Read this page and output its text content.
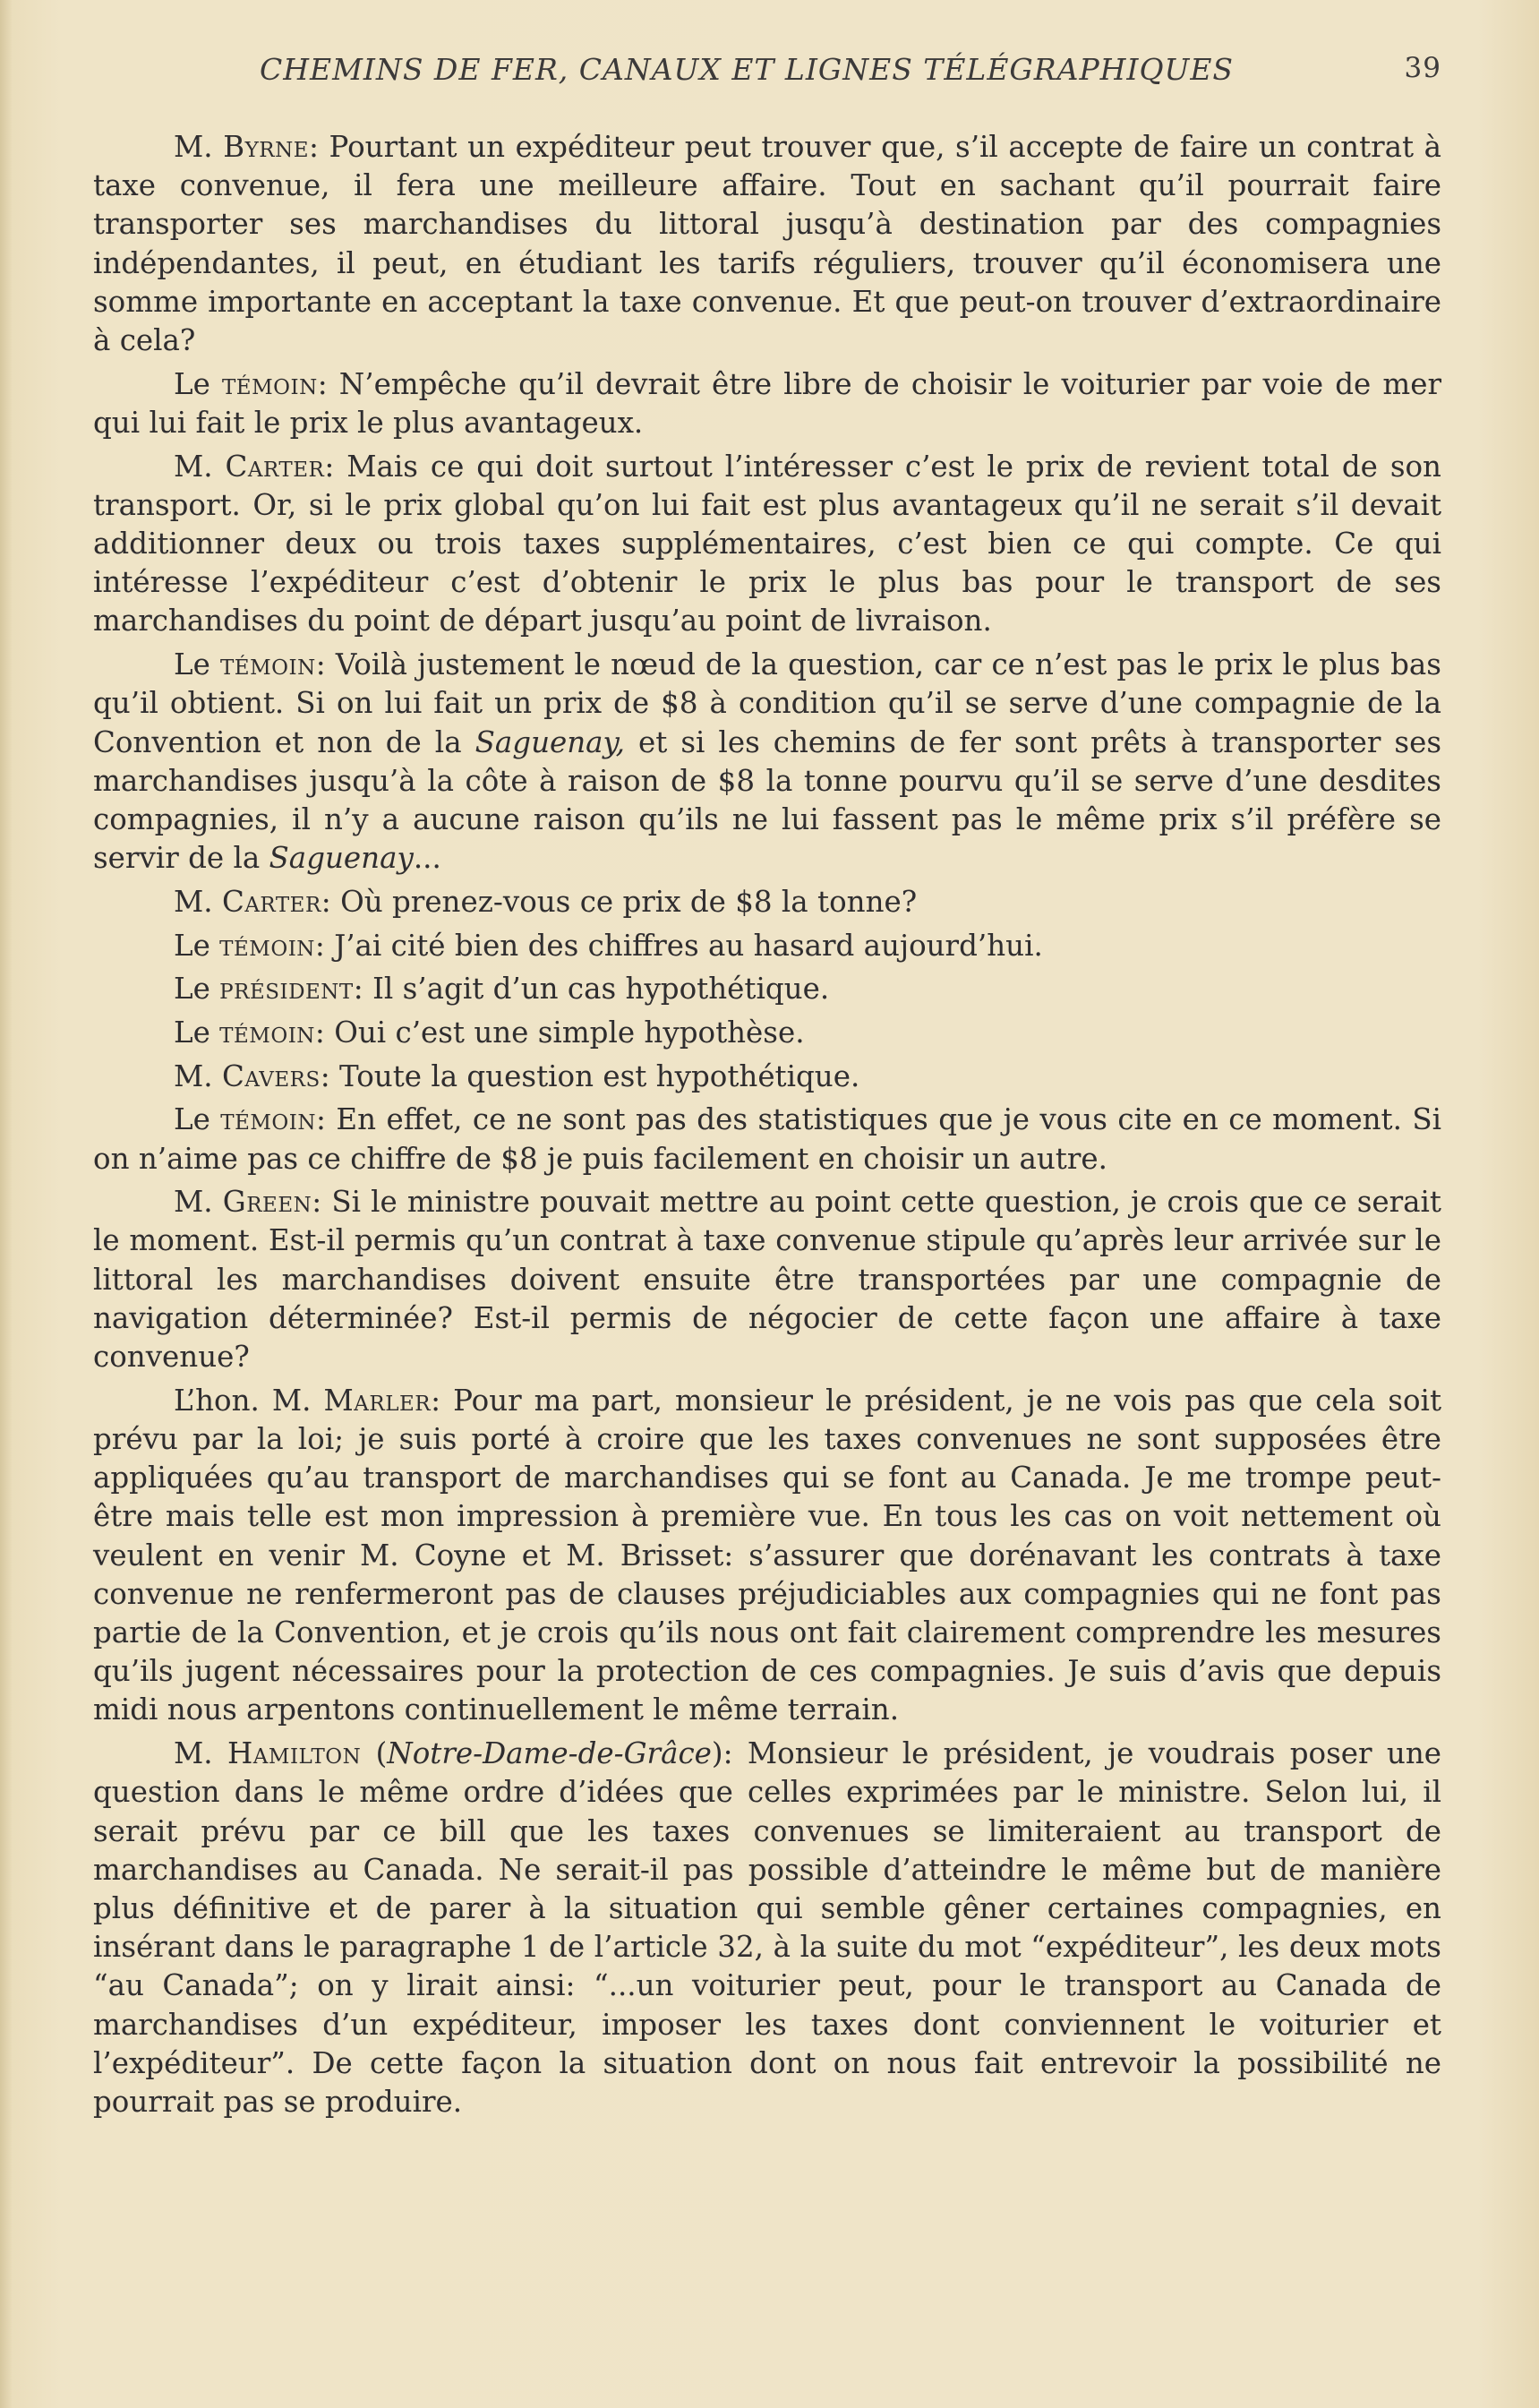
CHEMINS DE FER, CANAUX ET LIGNES TÉLÉGRAPHIQUES	39

M. Byrne: Pourtant un expéditeur peut trouver que, s’il accepte de faire un contrat à taxe convenue, il fera une meilleure affaire. Tout en sachant qu’il pourrait faire transporter ses marchandises du littoral jusqu’à destination par des compagnies indépendantes, il peut, en étudiant les tarifs réguliers, trouver qu’il économisera une somme importante en acceptant la taxe convenue. Et que peut-on trouver d’extraordinaire à cela?

Le témoin: N’empêche qu’il devrait être libre de choisir le voiturier par voie de mer qui lui fait le prix le plus avantageux.

M. Carter: Mais ce qui doit surtout l’intéresser c’est le prix de revient total de son transport. Or, si le prix global qu’on lui fait est plus avantageux qu’il ne serait s’il devait additionner deux ou trois taxes supplémentaires, c’est bien ce qui compte. Ce qui intéresse l’expéditeur c’est d’obtenir le prix le plus bas pour le transport de ses marchandises du point de départ jusqu’au point de livraison.

Le témoin: Voilà justement le nœud de la question, car ce n’est pas le prix le plus bas qu’il obtient. Si on lui fait un prix de $8 à condition qu’il se serve d’une compagnie de la Convention et non de la Saguenay, et si les chemins de fer sont prêts à transporter ses marchandises jusqu’à la côte à raison de $8 la tonne pourvu qu’il se serve d’une desdites compagnies, il n’y a aucune raison qu’ils ne lui fassent pas le même prix s’il préfère se servir de la Saguenay...

M. Carter: Où prenez-vous ce prix de $8 la tonne?

Le témoin: J’ai cité bien des chiffres au hasard aujourd’hui.

Le président: Il s’agit d’un cas hypothétique.

Le témoin: Oui c’est une simple hypothèse.

M. Cavers: Toute la question est hypothétique.

Le témoin: En effet, ce ne sont pas des statistiques que je vous cite en ce moment. Si on n’aime pas ce chiffre de $8 je puis facilement en choisir un autre.

M. Green: Si le ministre pouvait mettre au point cette question, je crois que ce serait le moment. Est-il permis qu’un contrat à taxe convenue stipule qu’après leur arrivée sur le littoral les marchandises doivent ensuite être transportées par une compagnie de navigation déterminée? Est-il permis de négocier de cette façon une affaire à taxe convenue?

L’hon. M. Marler: Pour ma part, monsieur le président, je ne vois pas que cela soit prévu par la loi; je suis porté à croire que les taxes convenues ne sont supposées être appliquées qu’au transport de marchandises qui se font au Canada. Je me trompe peut-être mais telle est mon impression à première vue. En tous les cas on voit nettement où veulent en venir M. Coyne et M. Brisset: s’assurer que dorénavant les contrats à taxe convenue ne renfermeront pas de clauses préjudiciables aux compagnies qui ne font pas partie de la Convention, et je crois qu’ils nous ont fait clairement comprendre les mesures qu’ils jugent nécessaires pour la protection de ces compagnies. Je suis d’avis que depuis midi nous arpentons continuellement le même terrain.

M. Hamilton (Notre-Dame-de-Grâce): Monsieur le président, je voudrais poser une question dans le même ordre d’idées que celles exprimées par le ministre. Selon lui, il serait prévu par ce bill que les taxes convenues se limiteraient au transport de marchandises au Canada. Ne serait-il pas possible d’atteindre le même but de manière plus définitive et de parer à la situation qui semble gêner certaines compagnies, en insérant dans le paragraphe 1 de l’article 32, à la suite du mot “expéditeur”, les deux mots “au Canada”; on y lirait ainsi: “...un voiturier peut, pour le transport au Canada de marchandises d’un expéditeur, imposer les taxes dont conviennent le voiturier et l’expéditeur”. De cette façon la situation dont on nous fait entrevoir la possibilité ne pourrait pas se produire.
